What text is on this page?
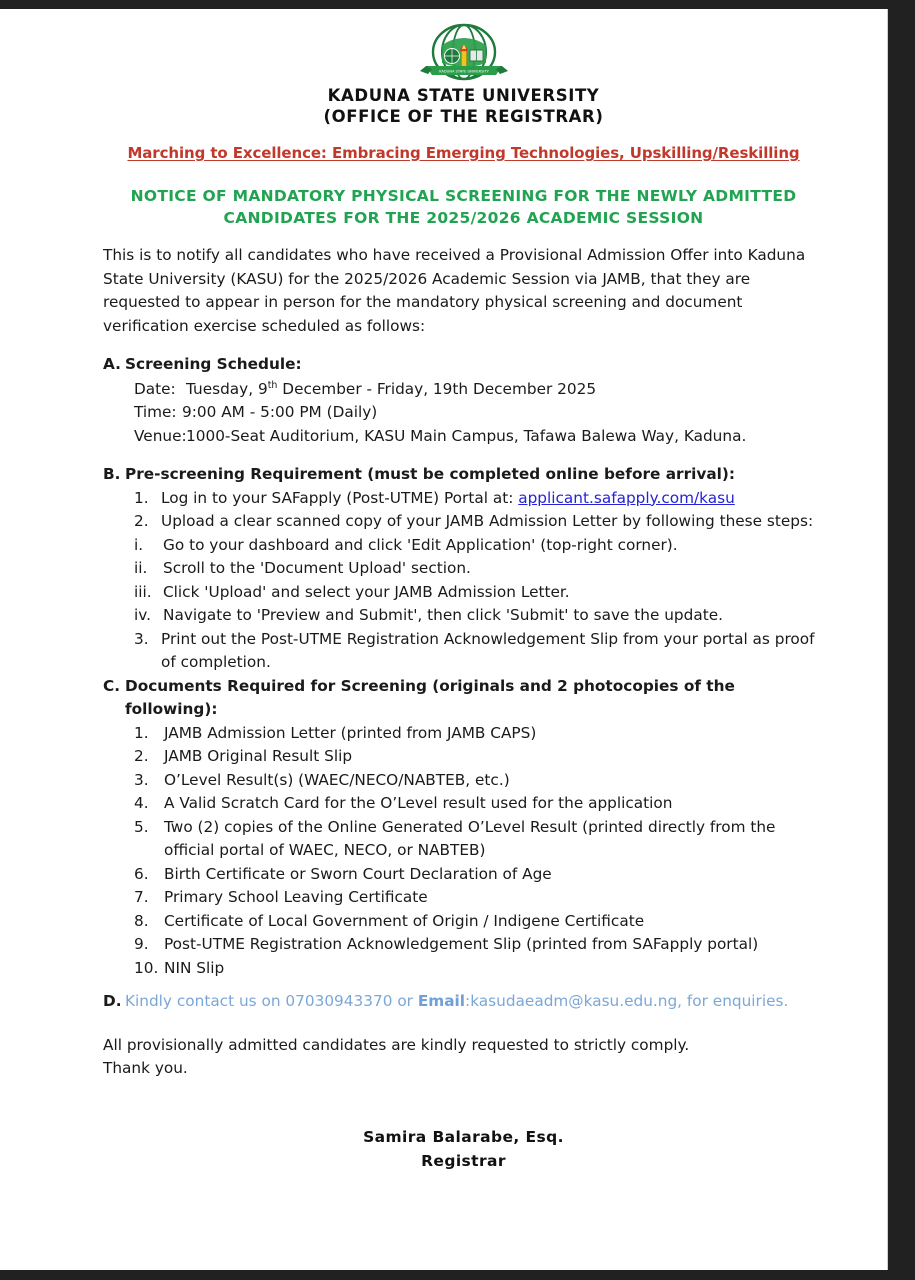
KADUNA STATE UNIVERSITY
KADUNA STATE UNIVERSITY
(OFFICE OF THE REGISTRAR)
Marching to Excellence: Embracing Emerging Technologies, Upskilling/Reskilling
NOTICE OF MANDATORY PHYSICAL SCREENING FOR THE NEWLY ADMITTED
CANDIDATES FOR THE 2025/2026 ACADEMIC SESSION

This is to notify all candidates who have received a Provisional Admission Offer into Kaduna State University (KASU) for the 2025/2026 Academic Session via JAMB, that they are requested to appear in person for the mandatory physical screening and document verification exercise scheduled as follows:

A. Screening Schedule:
Date: Tuesday, 9th December - Friday, 19th December 2025
Time: 9:00 AM - 5:00 PM (Daily)
Venue: 1000-Seat Auditorium, KASU Main Campus, Tafawa Balewa Way, Kaduna.
B. Pre-screening Requirement (must be completed online before arrival):
1. Log in to your SAFapply (Post-UTME) Portal at: applicant.safapply.com/kasu
2. Upload a clear scanned copy of your JAMB Admission Letter by following these steps:
i.	Go to your dashboard and click 'Edit Application' (top-right corner).
ii.	Scroll to the 'Document Upload' section.
iii. Click 'Upload' and select your JAMB Admission Letter.
iv. Navigate to 'Preview and Submit', then click 'Submit' to save the update.
3. Print out the Post-UTME Registration Acknowledgement Slip from your portal as proof of completion.
C. Documents Required for Screening (originals and 2 photocopies of the following):
1.	JAMB Admission Letter (printed from JAMB CAPS)
2.	JAMB Original Result Slip
3.	O’Level Result(s) (WAEC/NECO/NABTEB, etc.)
4.	A Valid Scratch Card for the O’Level result used for the application
5.	Two (2) copies of the Online Generated O’Level Result (printed directly from the official portal of WAEC, NECO, or NABTEB)
6.	Birth Certificate or Sworn Court Declaration of Age
7.	Primary School Leaving Certificate
8.	Certificate of Local Government of Origin / Indigene Certificate
9.	Post-UTME Registration Acknowledgement Slip (printed from SAFapply portal)
10. NIN Slip
D. Kindly contact us on 07030943370 or Email:kasudaeadm@kasu.edu.ng, for enquiries.
All provisionally admitted candidates are kindly requested to strictly comply.
Thank you.
Samira Balarabe, Esq.
Registrar
